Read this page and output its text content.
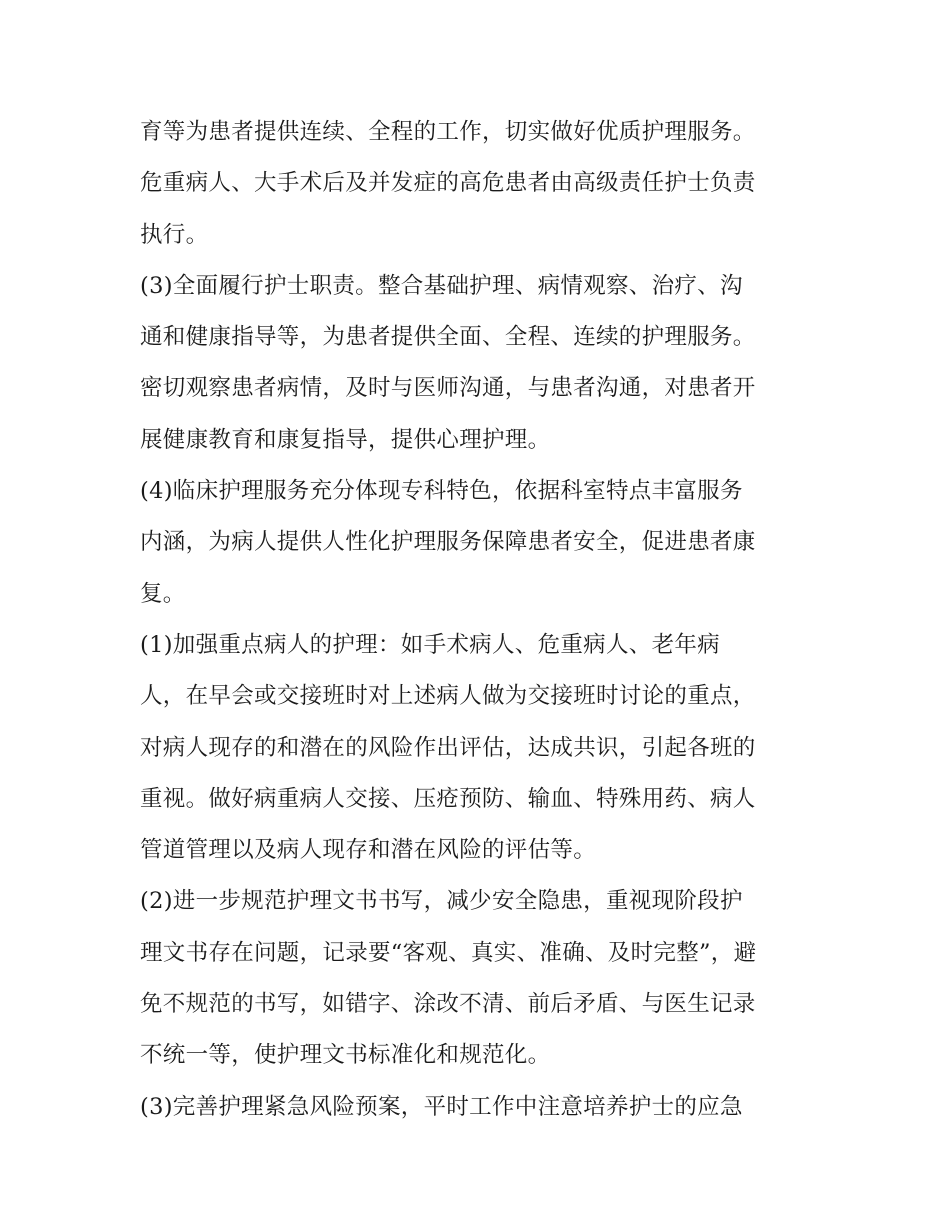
育等为患者提供连续、全程的工作，切实做好优质护理服务。
危重病人、大手术后及并发症的高危患者由高级责任护士负责
执行。
(3)全面履行护士职责。整合基础护理、病情观察、治疗、沟
通和健康指导等，为患者提供全面、全程、连续的护理服务。
密切观察患者病情，及时与医师沟通，与患者沟通，对患者开
展健康教育和康复指导，提供心理护理。
(4)临床护理服务充分体现专科特色，依据科室特点丰富服务
内涵，为病人提供人性化护理服务保障患者安全，促进患者康
复。
(1)加强重点病人的护理：如手术病人、危重病人、老年病
人，在早会或交接班时对上述病人做为交接班时讨论的重点，
对病人现存的和潜在的风险作出评估，达成共识，引起各班的
重视。做好病重病人交接、压疮预防、输血、特殊用药、病人
管道管理以及病人现存和潜在风险的评估等。
(2)进一步规范护理文书书写，减少安全隐患，重视现阶段护
理文书存在问题，记录要“客观、真实、准确、及时完整”，避
免不规范的书写，如错字、涂改不清、前后矛盾、与医生记录
不统一等，使护理文书标准化和规范化。
(3)完善护理紧急风险预案，平时工作中注意培养护士的应急
